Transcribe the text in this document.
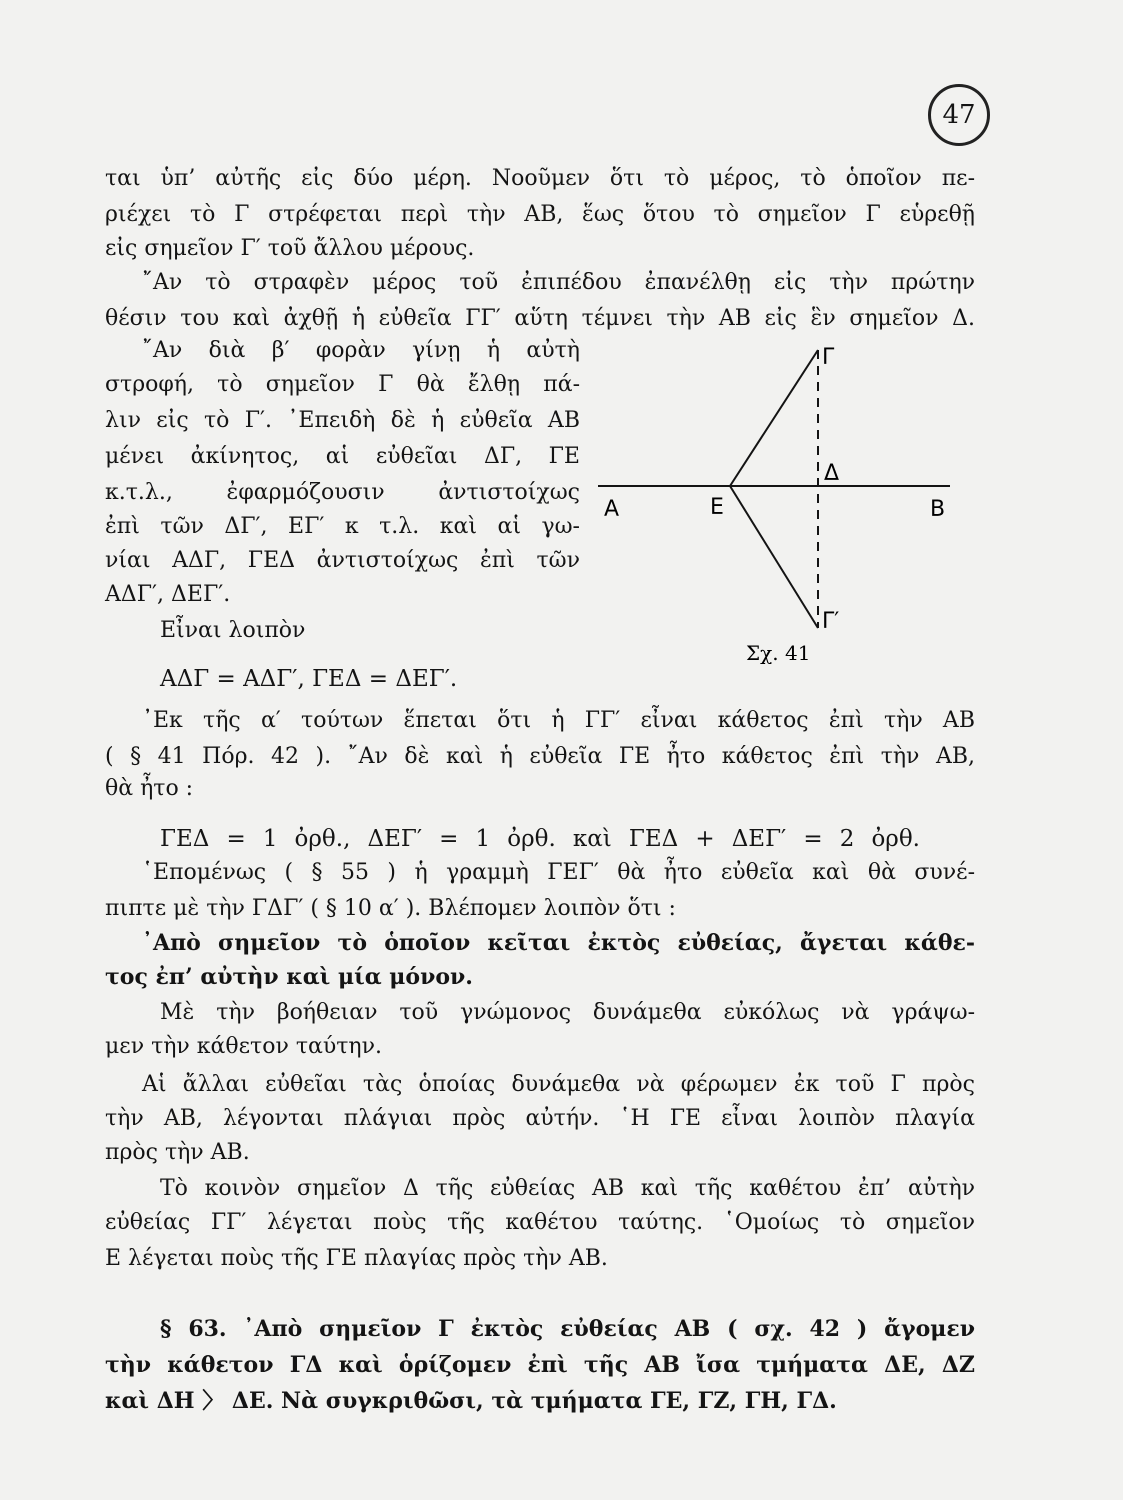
47
ται ὑπ’ αὐτῆς εἰς δύο μέρη. Νοοῦμεν ὅτι τὸ μέρος, τὸ ὁποῖον πε-
ριέχει τὸ Γ στρέφεται περὶ τὴν ΑΒ, ἕως ὅτου τὸ σημεῖον Γ εὑρεθῇ
εἰς σημεῖον Γ′ τοῦ ἄλλου μέρους.
῎Αν τὸ στραφὲν μέρος τοῦ ἐπιπέδου ἐπανέλθῃ εἰς τὴν πρώτην
θέσιν του καὶ ἀχθῇ ἡ εὐθεῖα ΓΓ′ αὕτη τέμνει τὴν ΑΒ εἰς ἓν σημεῖον Δ.
῎Αν διὰ β′ φορὰν γίνῃ ἡ αὐτὴ
στροφή, τὸ σημεῖον Γ θὰ ἔλθῃ πά-
λιν εἰς τὸ Γ′. ᾿Επειδὴ δὲ ἡ εὐθεῖα ΑΒ
μένει ἀκίνητος, αἱ εὐθεῖαι ΔΓ, ΓΕ
κ.τ.λ., ἐφαρμόζουσιν ἀντιστοίχως
ἐπὶ τῶν ΔΓ′, ΕΓ′ κ τ.λ. καὶ αἱ γω-
νίαι ΑΔΓ, ΓΕΔ ἀντιστοίχως ἐπὶ τῶν
ΑΔΓ′, ΔΕΓ′.
Εἶναι λοιπὸν
ΑΔΓ = ΑΔΓ′, ΓΕΔ = ΔΕΓ′.
᾿Εκ τῆς α′ τούτων ἕπεται ὅτι ἡ ΓΓ′ εἶναι κάθετος ἐπὶ τὴν ΑΒ
( § 41 Πόρ. 42 ). ῎Αν δὲ καὶ ἡ εὐθεῖα ΓΕ ἦτο κάθετος ἐπὶ τὴν ΑΒ,
θὰ ἦτο :
ΓΕΔ = 1 ὀρθ., ΔΕΓ′ = 1 ὀρθ. καὶ ΓΕΔ + ΔΕΓ′ = 2 ὀρθ.
῾Επομένως ( § 55 ) ἡ γραμμὴ ΓΕΓ′ θὰ ἦτο εὐθεῖα καὶ θὰ συνέ-
πιπτε μὲ τὴν ΓΔΓ′ ( § 10 α′ ). Βλέπομεν λοιπὸν ὅτι :
᾿Απὸ σημεῖον τὸ ὁποῖον κεῖται ἐκτὸς εὐθείας, ἄγεται κάθε-
τος ἐπ’ αὐτὴν καὶ μία μόνον.
Μὲ τὴν βοήθειαν τοῦ γνώμονος δυνάμεθα εὐκόλως νὰ γράψω-
μεν τὴν κάθετον ταύτην.
Αἱ ἄλλαι εὐθεῖαι τὰς ὁποίας δυνάμεθα νὰ φέρωμεν ἐκ τοῦ Γ πρὸς
τὴν ΑΒ, λέγονται πλάγιαι πρὸς αὐτήν. ῾Η ΓΕ εἶναι λοιπὸν πλαγία
πρὸς τὴν ΑΒ.
Τὸ κοινὸν σημεῖον Δ τῆς εὐθείας ΑΒ καὶ τῆς καθέτου ἐπ’ αὐτὴν
εὐθείας ΓΓ′ λέγεται ποὺς τῆς καθέτου ταύτης. ῾Ομοίως τὸ σημεῖον
Ε λέγεται ποὺς τῆς ΓΕ πλαγίας πρὸς τὴν ΑΒ.
§ 63. ᾿Απὸ σημεῖον Γ ἐκτὸς εὐθείας ΑΒ ( σχ. 42 ) ἄγομεν
τὴν κάθετον ΓΔ καὶ ὁρίζομεν ἐπὶ τῆς ΑΒ ἴσα τμήματα ΔΕ, ΔΖ
καὶ ΔΗ 〉 ΔΕ. Νὰ συγκριθῶσι, τὰ τμήματα ΓΕ, ΓΖ, ΓΗ, ΓΔ.
Α	Ε
Δ
Β
Γ
Γ′
Σχ. 41
